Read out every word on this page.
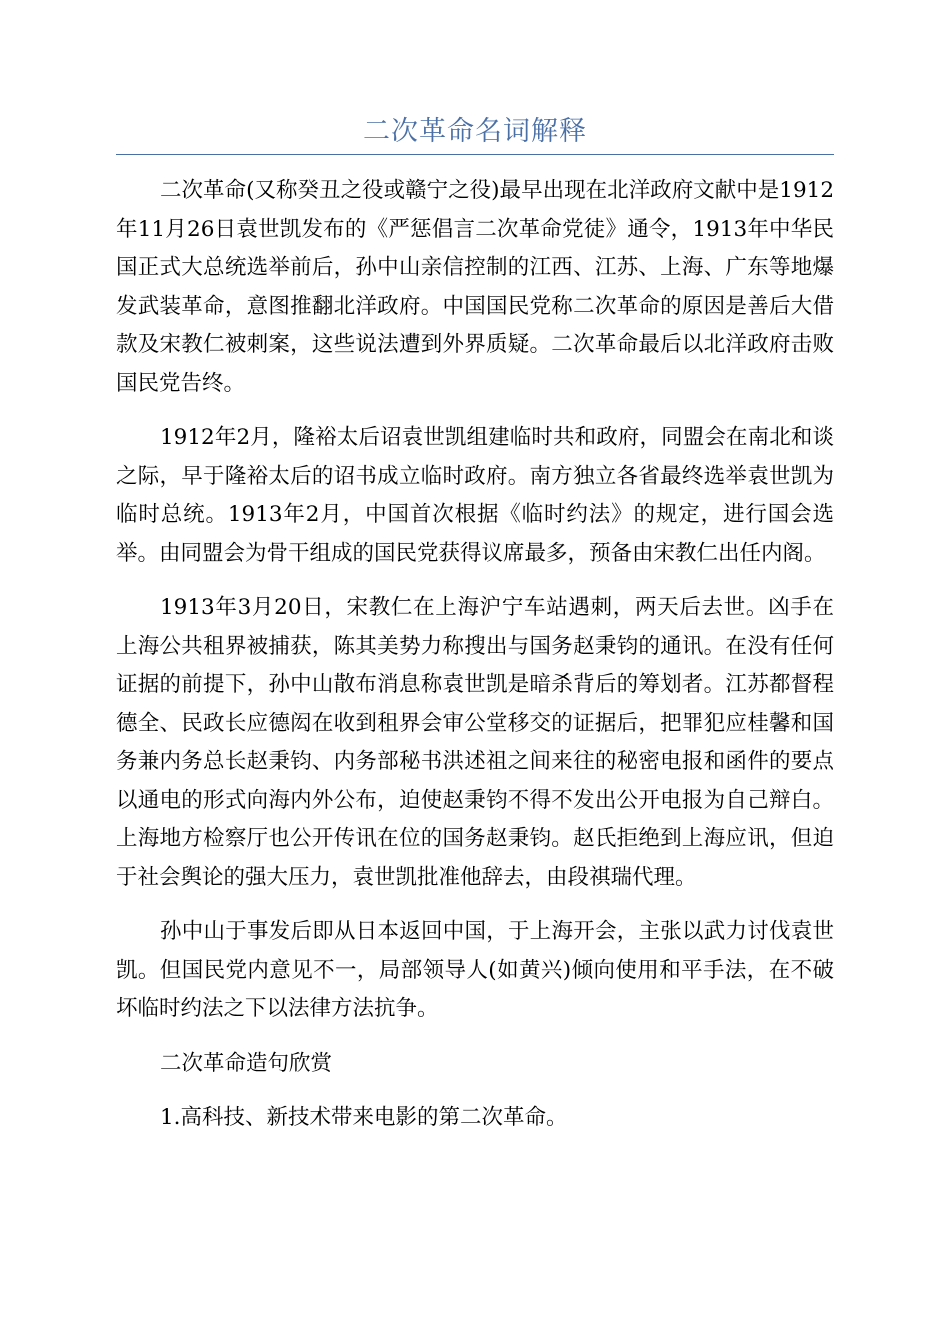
二次革命名词解释

二次革命(又称癸丑之役或赣宁之役)最早出现在北洋政府文献中是1912年11月26日袁世凯发布的《严惩倡言二次革命党徒》通令，1913年中华民国正式大总统选举前后，孙中山亲信控制的江西、江苏、上海、广东等地爆发武装革命，意图推翻北洋政府。中国国民党称二次革命的原因是善后大借款及宋教仁被刺案，这些说法遭到外界质疑。二次革命最后以北洋政府击败国民党告终。

1912年2月，隆裕太后诏袁世凯组建临时共和政府，同盟会在南北和谈之际，早于隆裕太后的诏书成立临时政府。南方独立各省最终选举袁世凯为临时总统。1913年2月，中国首次根据《临时约法》的规定，进行国会选举。由同盟会为骨干组成的国民党获得议席最多，预备由宋教仁出任内阁。

1913年3月20日，宋教仁在上海沪宁车站遇刺，两天后去世。凶手在上海公共租界被捕获，陈其美势力称搜出与国务赵秉钧的通讯。在没有任何证据的前提下，孙中山散布消息称袁世凯是暗杀背后的筹划者。江苏都督程德全、民政长应德闳在收到租界会审公堂移交的证据后，把罪犯应桂馨和国务兼内务总长赵秉钧、内务部秘书洪述祖之间来往的秘密电报和函件的要点以通电的形式向海内外公布，迫使赵秉钧不得不发出公开电报为自己辩白。上海地方检察厅也公开传讯在位的国务赵秉钧。赵氏拒绝到上海应讯，但迫于社会舆论的强大压力，袁世凯批准他辞去，由段祺瑞代理。

孙中山于事发后即从日本返回中国，于上海开会，主张以武力讨伐袁世凯。但国民党内意见不一，局部领导人(如黄兴)倾向使用和平手法，在不破坏临时约法之下以法律方法抗争。

二次革命造句欣赏

1.高科技、新技术带来电影的第二次革命。
